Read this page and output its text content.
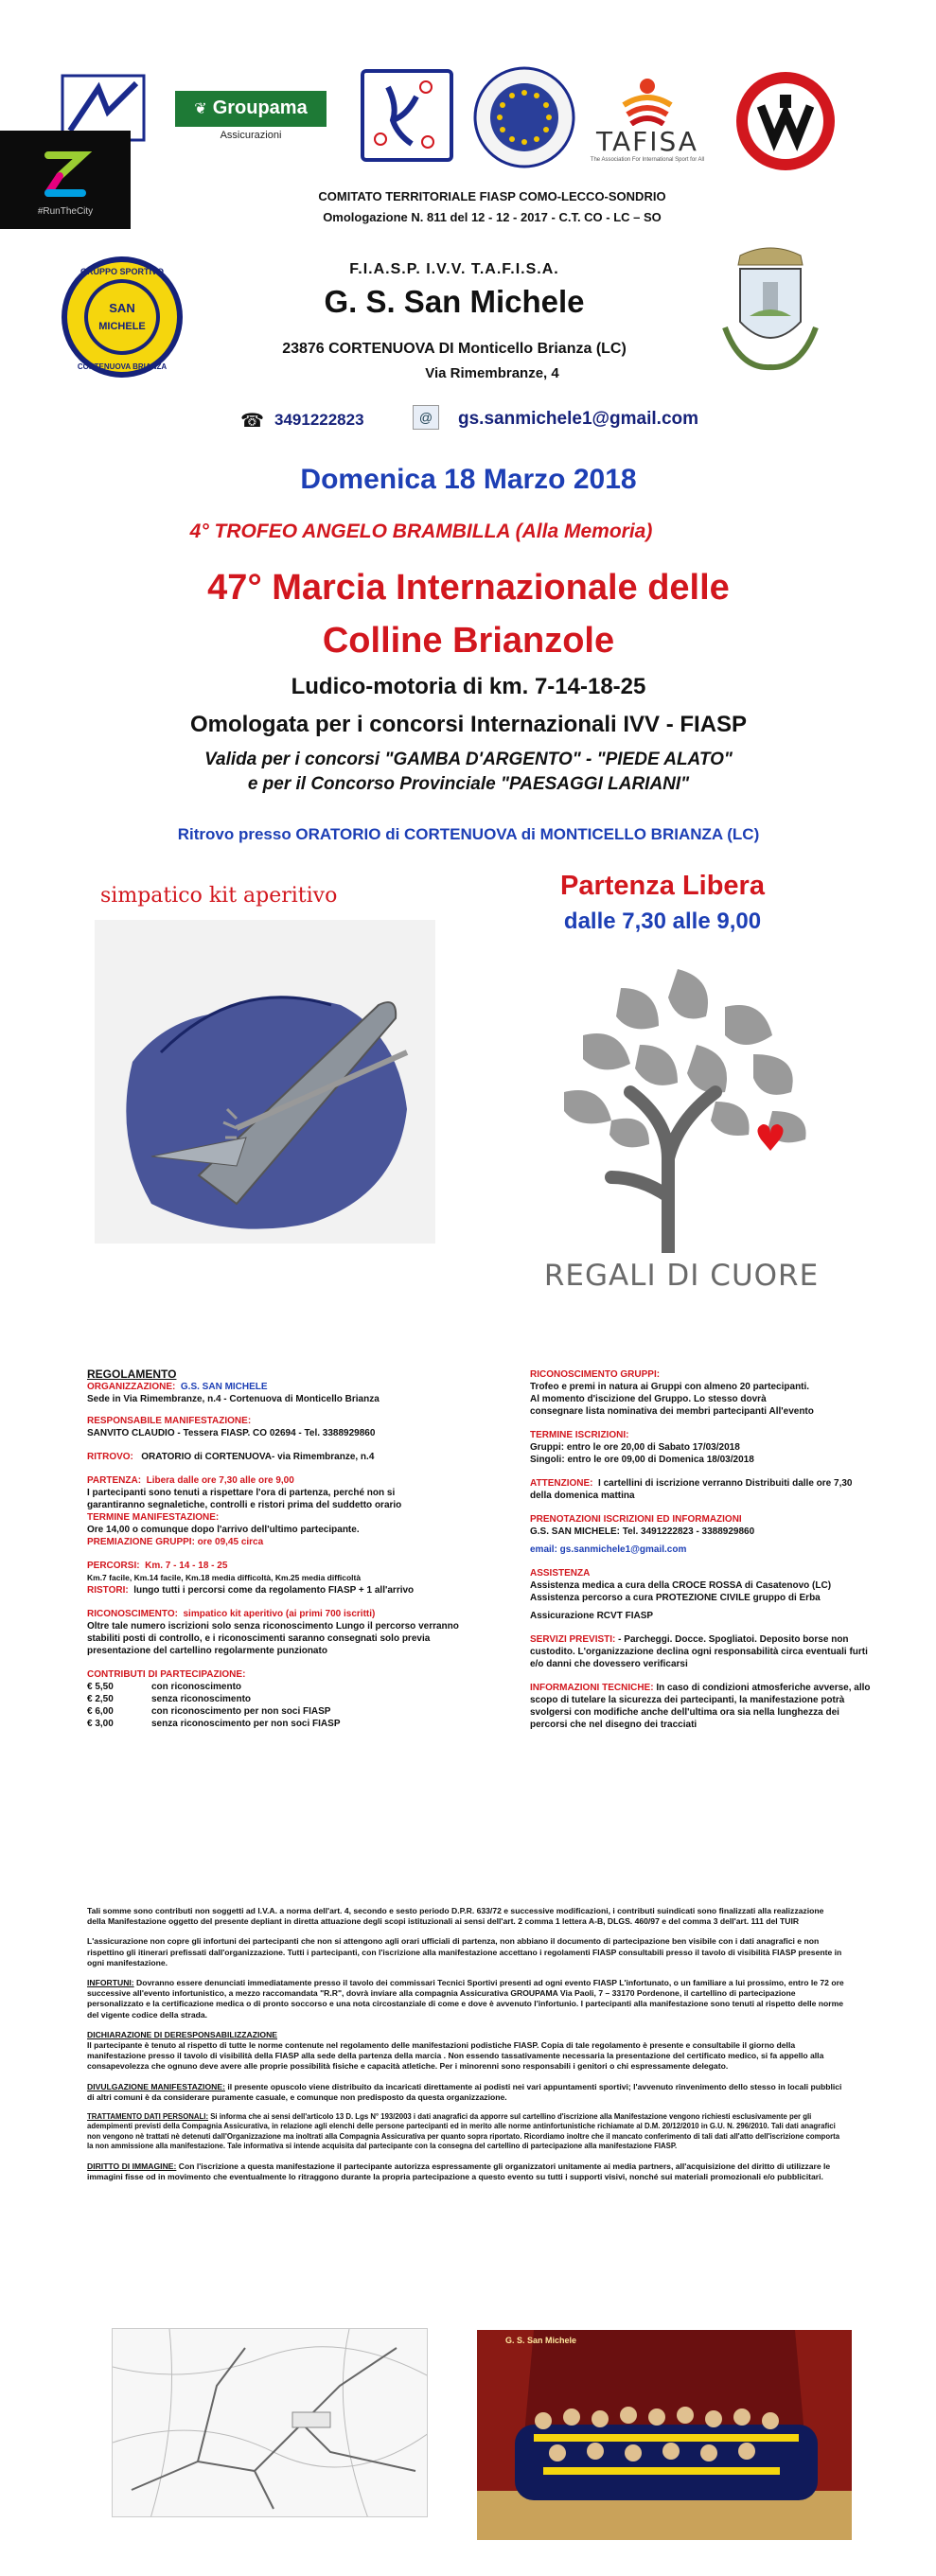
❦ Groupama
Assicurazioni	TAFISA
The Association For International Sport for All
#RunTheCity
COMITATO TERRITORIALE FIASP COMO-LECCO-SONDRIO
Omologazione N. 811 del 12 - 12 - 2017 - C.T. CO - LC – SO
SAN
MICHELE
GRUPPO SPORTIVO
CORTENUOVA BRIANZA
F.I.A.S.P. I.V.V. T.A.F.I.S.A.
G. S. San Michele
23876 CORTENUOVA DI Monticello Brianza (LC)
Via Rimembranze, 4
☎ 3491222823	@	gs.sanmichele1@gmail.com
Domenica 18 Marzo 2018
4° TROFEO ANGELO BRAMBILLA (Alla Memoria)
47° Marcia Internazionale delle
Colline Brianzole
Ludico-motoria di km. 7-14-18-25
Omologata per i concorsi Internazionali IVV - FIASP
Valida per i concorsi "GAMBA D'ARGENTO" - "PIEDE ALATO"
e per il Concorso Provinciale "PAESAGGI LARIANI"
Ritrovo presso ORATORIO di CORTENUOVA di MONTICELLO BRIANZA (LC)
simpatico kit aperitivo	Partenza Libera
dalle 7,30 alle 9,00
REGALI DI CUORE
REGOLAMENTO
ORGANIZZAZIONE: G.S. SAN MICHELE
Sede in Via Rimembranze, n.4 - Cortenuova di Monticello Brianza
RESPONSABILE MANIFESTAZIONE:
SANVITO CLAUDIO - Tessera FIASP. CO 02694 - Tel. 3388929860
RITROVO: ORATORIO di CORTENUOVA- via Rimembranze, n.4
PARTENZA: Libera dalle ore 7,30 alle ore 9,00
I partecipanti sono tenuti a rispettare l'ora di partenza, perché non si garantiranno segnaletiche, controlli e ristori prima del suddetto orario
TERMINE MANIFESTAZIONE:
Ore 14,00 o comunque dopo l'arrivo dell'ultimo partecipante.
PREMIAZIONE GRUPPI: ore 09,45 circa
PERCORSI: Km. 7 - 14 - 18 - 25
Km.7 facile, Km.14 facile, Km.18 media difficoltà, Km.25 media difficoltà
RISTORI: lungo tutti i percorsi come da regolamento FIASP + 1 all'arrivo
RICONOSCIMENTO: simpatico kit aperitivo (ai primi 700 iscritti)
Oltre tale numero iscrizioni solo senza riconoscimento Lungo il percorso verranno stabiliti posti di controllo, e i riconoscimenti saranno consegnati solo previa presentazione del cartellino regolarmente punzionato
CONTRIBUTI DI PARTECIPAZIONE:
€ 5,50	con riconoscimento
€ 2,50	senza riconoscimento
€ 6,00	con riconoscimento per non soci FIASP
€ 3,00	senza riconoscimento per non soci FIASP
RICONOSCIMENTO GRUPPI:
Trofeo e premi in natura ai Gruppi con almeno 20 partecipanti. Al momento d'iscizione del Gruppo. Lo stesso dovrà consegnare lista nominativa dei membri partecipanti All'evento
TERMINE ISCRIZIONI:
Gruppi: entro le ore 20,00 di Sabato 17/03/2018
Singoli: entro le ore 09,00 di Domenica 18/03/2018
ATTENZIONE: I cartellini di iscrizione verranno Distribuiti dalle ore 7,30 della domenica mattina
PRENOTAZIONI ISCRIZIONI ED INFORMAZIONI
G.S. SAN MICHELE: Tel. 3491222823 - 3388929860
email: gs.sanmichele1@gmail.com
ASSISTENZA
Assistenza medica a cura della CROCE ROSSA di Casatenovo (LC) Assistenza percorso a cura PROTEZIONE CIVILE gruppo di Erba
Assicurazione RCVT FIASP
SERVIZI PREVISTI: - Parcheggi. Docce. Spogliatoi. Deposito borse non custodito. L'organizzazione declina ogni responsabilità circa eventuali furti e/o danni che dovessero verificarsi
INFORMAZIONI TECNICHE: In caso di condizioni atmosferiche avverse, allo scopo di tutelare la sicurezza dei partecipanti, la manifestazione potrà svolgersi con modifiche anche dell'ultima ora sia nella lunghezza dei percorsi che nel disegno dei tracciati

Tali somme sono contributi non soggetti ad I.V.A. a norma dell'art. 4, secondo e sesto periodo D.P.R. 633/72 e successive modificazioni, i contributi suindicati sono finalizzati alla realizzazione della Manifestazione oggetto del presente depliant in diretta attuazione degli scopi istituzionali ai sensi dell'art. 2 comma 1 lettera A-B, DLGS. 460/97 e del comma 3 dell'art. 111 del TUIR

L'assicurazione non copre gli infortuni dei partecipanti che non si attengono agli orari ufficiali di partenza, non abbiano il documento di partecipazione ben visibile con i dati anagrafici e non rispettino gli itinerari prefissati dall'organizzazione. Tutti i partecipanti, con l'iscrizione alla manifestazione accettano i regolamenti FIASP consultabili presso il tavolo di visibilità FIASP presente in ogni manifestazione.

INFORTUNI: Dovranno essere denunciati immediatamente presso il tavolo dei commissari Tecnici Sportivi presenti ad ogni evento FIASP L'infortunato, o un familiare a lui prossimo, entro le 72 ore successive all'evento infortunistico, a mezzo raccomandata "R.R", dovrà inviare alla compagnia Assicurativa GROUPAMA Via Paoli, 7 – 33170 Pordenone, il cartellino di partecipazione personalizzato e la certificazione medica o di pronto soccorso e una nota circostanziale di come e dove è avvenuto l'infortunio. I partecipanti alla manifestazione sono tenuti al rispetto delle norme del vigente codice della strada.

DICHIARAZIONE DI DERESPONSABILIZZAZIONE

Il partecipante è tenuto al rispetto di tutte le norme contenute nel regolamento delle manifestazioni podistiche FIASP. Copia di tale regolamento è presente e consultabile il giorno della manifestazione presso il tavolo di visibilità della FIASP alla sede della partenza della marcia . Non essendo tassativamente necessaria la presentazione del certificato medico, si fa appello alla consapevolezza che ognuno deve avere alle proprie possibilità fisiche e capacità atletiche. Per i minorenni sono responsabili i genitori o chi espressamente delegato.

DIVULGAZIONE MANIFESTAZIONE: il presente opuscolo viene distribuito da incaricati direttamente ai podisti nei vari appuntamenti sportivi; l'avvenuto rinvenimento dello stesso in locali pubblici di altri comuni è da considerare puramente casuale, e comunque non predisposto da questa organizzazione.

TRATTAMENTO DATI PERSONALI: Si informa che ai sensi dell'articolo 13 D. Lgs N° 193/2003 i dati anagrafici da apporre sul cartellino d'iscrizione alla Manifestazione vengono richiesti esclusivamente per gli adempimenti previsti della Compagnia Assicurativa, in relazione agli elenchi delle persone partecipanti ed in merito alle norme antinfortunistiche richiamate al D.M. 20/12/2010 in G.U. N. 296/2010. Tali dati anagrafici non vengono nè trattati nè detenuti dall'Organizzazione ma inoltrati alla Compagnia Assicurativa per quanto sopra riportato. Ricordiamo inoltre che il mancato conferimento di tali dati all'atto dell'iscrizione comporta la non ammissione alla manifestazione. Tale informativa si intende acquisita dal partecipante con la consegna del cartellino di partecipazione alla manifestazione FIASP.

DIRITTO DI IMMAGINE: Con l'iscrizione a questa manifestazione il partecipante autorizza espressamente gli organizzatori unitamente ai media partners, all'acquisizione del diritto di utilizzare le immagini fisse od in movimento che eventualmente lo ritraggono durante la propria partecipazione a questo evento su tutti i supporti visivi, nonché sui materiali promozionali e/o pubblicitari.

G. S. San Michele
